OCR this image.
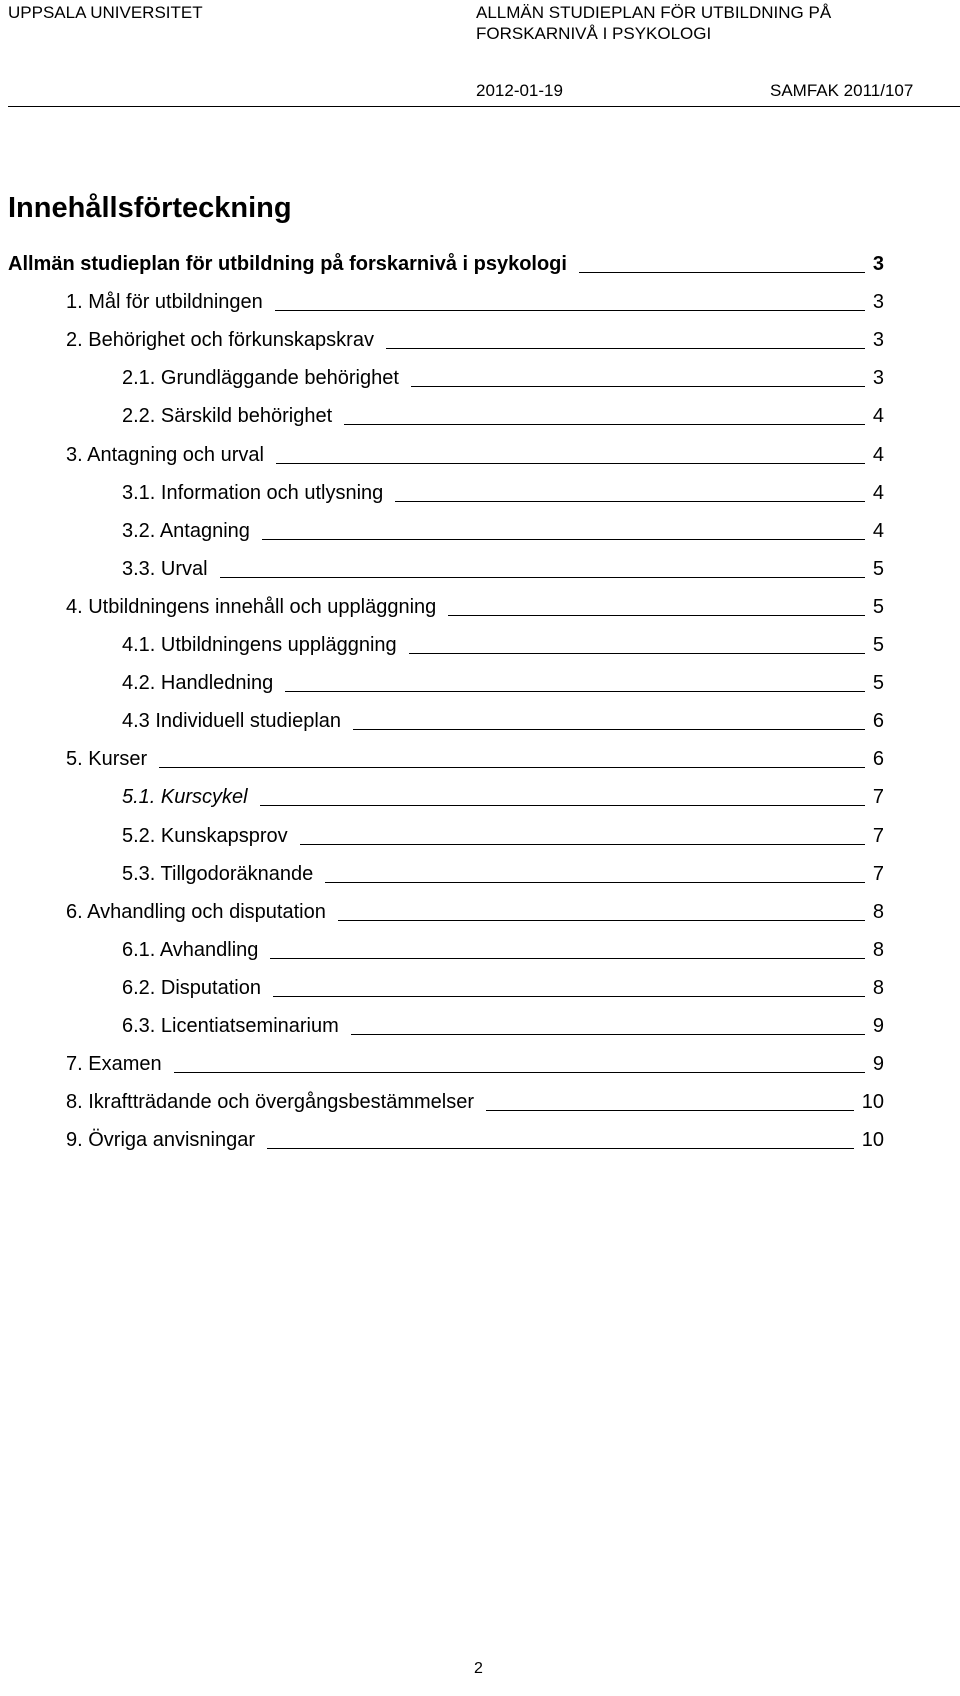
UPPSALA UNIVERSITET	ALLMÄN STUDIEPLAN FÖR UTBILDNING PÅ
FORSKARNIVÅ I PSYKOLOGI
2012-01-19	SAMFAK 2011/107
Innehållsförteckning
Allmän studieplan för utbildning på forskarnivå i psykologi	3
1. Mål för utbildningen	3
2. Behörighet och förkunskapskrav	3
2.1. Grundläggande behörighet	3
2.2. Särskild behörighet	4
3. Antagning och urval	4
3.1. Information och utlysning	4
3.2. Antagning	4
3.3. Urval	5
4. Utbildningens innehåll och uppläggning	5
4.1. Utbildningens uppläggning	5
4.2. Handledning	5
4.3 Individuell studieplan	6
5. Kurser	6
5.1. Kurscykel	7
5.2. Kunskapsprov	7
5.3. Tillgodoräknande	7
6. Avhandling och disputation	8
6.1. Avhandling	8
6.2. Disputation	8
6.3. Licentiatseminarium	9
7. Examen	9
8. Ikraftträdande och övergångsbestämmelser	10
9. Övriga anvisningar	10
2
